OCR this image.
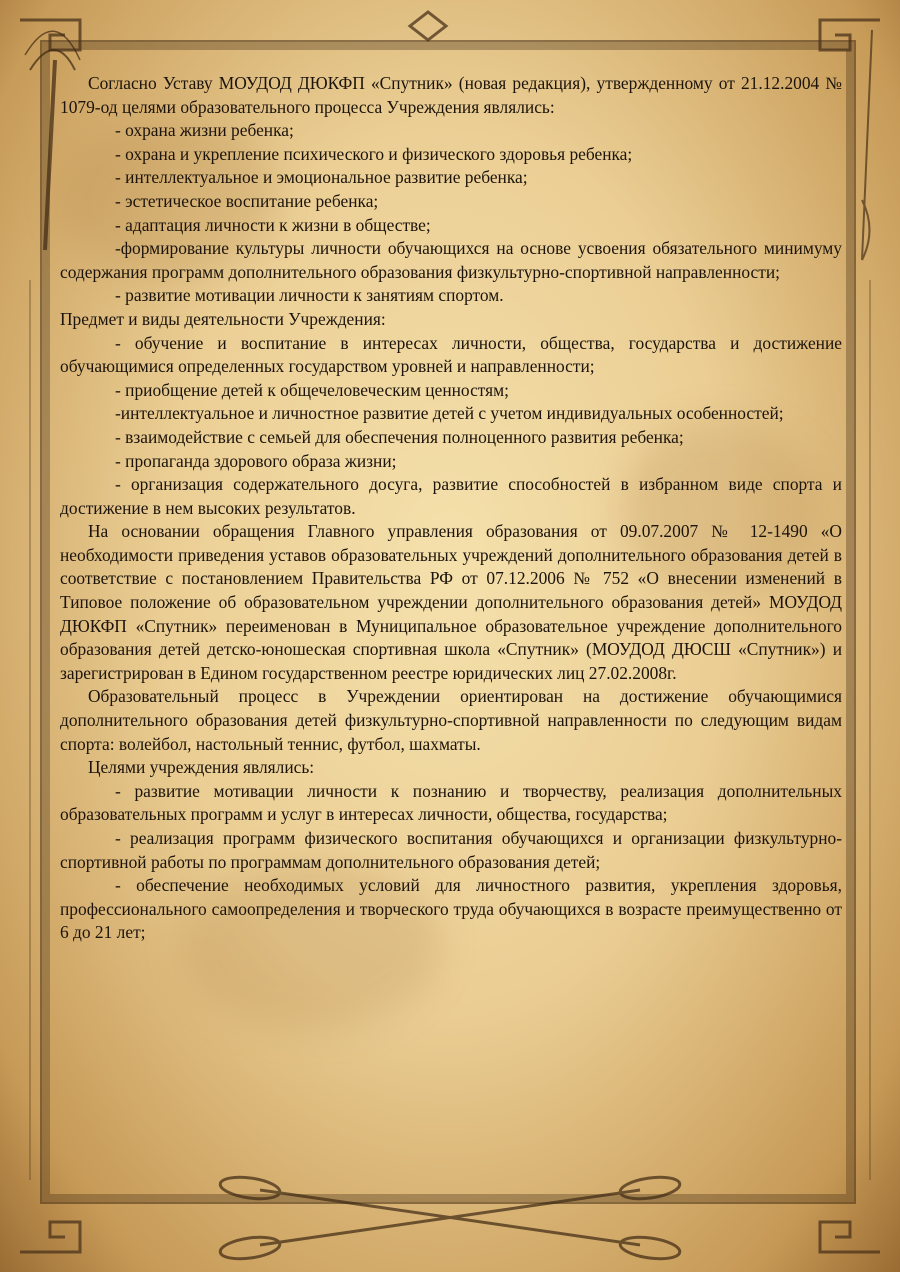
Согласно Уставу МОУДОД ДЮКФП «Спутник» (новая редакция), утвержденному от 21.12.2004 № 1079-од целями образовательного процесса Учреждения являлись:

- охрана жизни ребенка;

- охрана и укрепление психического и физического здоровья ребенка;

- интеллектуальное и эмоциональное развитие ребенка;

- эстетическое воспитание ребенка;

- адаптация личности к жизни в обществе;

-формирование культуры личности обучающихся на основе усвоения обязательного минимуму содержания программ дополнительного образования физкультурно-спортивной направленности;

- развитие мотивации личности к занятиям спортом.

Предмет и виды деятельности Учреждения:

- обучение и воспитание в интересах личности, общества, государства и достижение обучающимися определенных государством уровней и направленности;

- приобщение детей к общечеловеческим ценностям;

-интеллектуальное и личностное развитие детей с учетом индивидуальных особенностей;

- взаимодействие с семьей для обеспечения полноценного развития ребенка;

- пропаганда здорового образа жизни;

- организация содержательного досуга, развитие способностей в избранном виде спорта и достижение в нем высоких результатов.

На основании обращения Главного управления образования от 09.07.2007 № 12-1490 «О необходимости приведения уставов образовательных учреждений дополнительного образования детей в соответствие с постановлением Правительства РФ от 07.12.2006 № 752 «О внесении изменений в Типовое положение об образовательном учреждении дополнительного образования детей» МОУДОД ДЮКФП «Спутник» переименован в Муниципальное образовательное учреждение дополнительного образования детей детско-юношеская спортивная школа «Спутник» (МОУДОД ДЮСШ «Спутник») и зарегистрирован в Едином государственном реестре юридических лиц 27.02.2008г.

Образовательный процесс в Учреждении ориентирован на достижение обучающимися дополнительного образования детей физкультурно-спортивной направленности по следующим видам спорта: волейбол, настольный теннис, футбол, шахматы.

Целями учреждения являлись:

- развитие мотивации личности к познанию и творчеству, реализация дополнительных образовательных программ и услуг в интересах личности, общества, государства;

- реализация программ физического воспитания обучающихся и организации физкультурно-спортивной работы по программам дополнительного образования детей;

- обеспечение необходимых условий для личностного развития, укрепления здоровья, профессионального самоопределения и творческого труда обучающихся в возрасте преимущественно от 6 до 21 лет;
